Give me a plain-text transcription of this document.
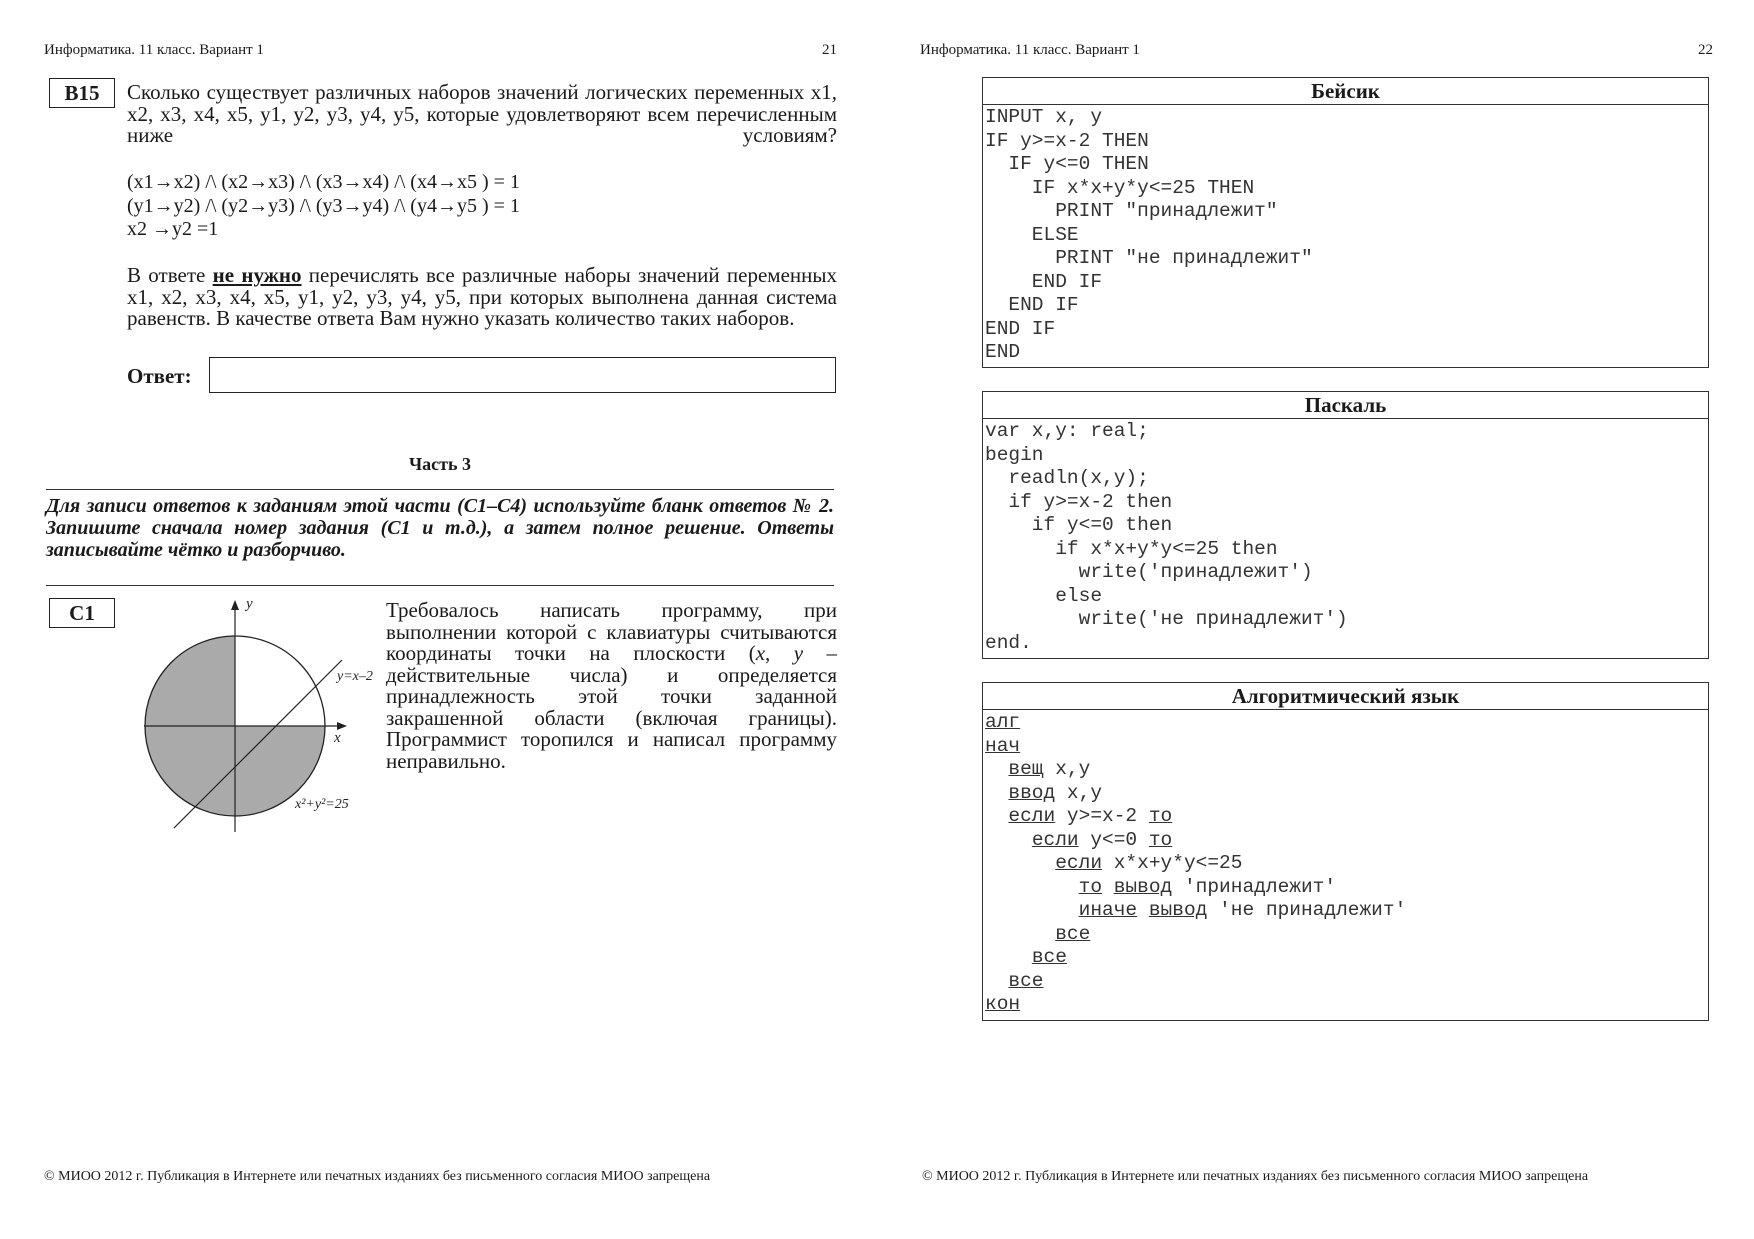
Информатика. 11 класс. Вариант 1	21
B15	Сколько существует различных наборов значений логических переменных x1, x2, x3, x4, x5, y1, y2, y3, y4, y5, которые удовлетворяют всем перечисленным ниже условиям?
(x1→x2) /\ (x2→x3) /\ (x3→x4) /\ (x4→x5 ) = 1
(y1→y2) /\ (y2→y3) /\ (y3→y4) /\ (y4→y5 ) = 1
x2 →y2 =1
В ответе не нужно перечислять все различные наборы значений переменных x1, x2, x3, x4, x5, y1, y2, y3, y4, y5, при которых выполнена данная система равенств. В качестве ответа Вам нужно указать количество таких наборов.
Ответ:
Часть 3
Для записи ответов к заданиям этой части (C1–C4) используйте бланк ответов № 2. Запишите сначала номер задания (C1 и т.д.), а затем полное решение. Ответы записывайте чётко и разборчиво.
C1	y
x
y=x–2
x²+y²=25
Требовалось написать программу, при выполнении которой с клавиатуры считываются координаты точки на плоскости (x, y – действительные числа) и определяется принадлежность этой точки заданной закрашенной области (включая границы). Программист торопился и написал программу неправильно.
© МИОО 2012 г. Публикация в Интернете или печатных изданиях без письменного согласия МИОО запрещена
Информатика. 11 класс. Вариант 1	22
Бейсик
INPUT x, y
IF y>=x-2 THEN
IF y<=0 THEN
IF x*x+y*y<=25 THEN
PRINT "принадлежит"
ELSE
PRINT "не принадлежит"
END IF
END IF
END IF
END
Паскаль
var x,y: real;
begin
readln(x,y);
if y>=x-2 then
if y<=0 then
if x*x+y*y<=25 then
write('принадлежит')
else
write('не принадлежит')
end.
Алгоритмический язык
алг
нач
вещ x,y
ввод x,y
если y>=x-2 то
если y<=0 то
если x*x+y*y<=25
то вывод 'принадлежит'
иначе вывод 'не принадлежит'
все
все
все
кон
© МИОО 2012 г. Публикация в Интернете или печатных изданиях без письменного согласия МИОО запрещена
